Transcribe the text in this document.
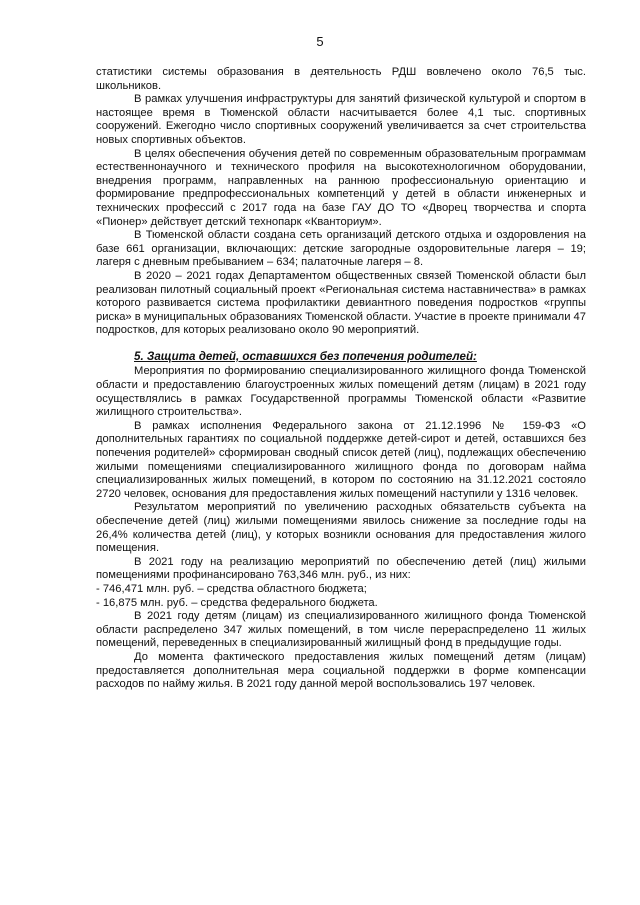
5

статистики системы образования в деятельность РДШ вовлечено около 76,5 тыс. школьников.

В рамках улучшения инфраструктуры для занятий физической культурой и спортом в настоящее время в Тюменской области насчитывается более 4,1 тыс. спортивных сооружений. Ежегодно число спортивных сооружений увеличивается за счет строительства новых спортивных объектов.

В целях обеспечения обучения детей по современным образовательным программам естественнонаучного и технического профиля на высокотехнологичном оборудовании, внедрения программ, направленных на раннюю профессиональную ориентацию и формирование предпрофессиональных компетенций у детей в области инженерных и технических профессий с 2017 года на базе ГАУ ДО ТО «Дворец творчества и спорта «Пионер» действует детский технопарк «Кванториум».

В Тюменской области создана сеть организаций детского отдыха и оздоровления на базе 661 организации, включающих: детские загородные оздоровительные лагеря – 19; лагеря с дневным пребыванием – 634; палаточные лагеря – 8.

В 2020 – 2021 годах Департаментом общественных связей Тюменской области был реализован пилотный социальный проект «Региональная система наставничества» в рамках которого развивается система профилактики девиантного поведения подростков «группы риска» в муниципальных образованиях Тюменской области. Участие в проекте принимали 47 подростков, для которых реализовано около 90 мероприятий.

5. Защита детей, оставшихся без попечения родителей:

Мероприятия по формированию специализированного жилищного фонда Тюменской области и предоставлению благоустроенных жилых помещений детям (лицам) в 2021 году осуществлялись в рамках Государственной программы Тюменской области «Развитие жилищного строительства».

В рамках исполнения Федерального закона от 21.12.1996 № 159-ФЗ «О дополнительных гарантиях по социальной поддержке детей-сирот и детей, оставшихся без попечения родителей» сформирован сводный список детей (лиц), подлежащих обеспечению жилыми помещениями специализированного жилищного фонда по договорам найма специализированных жилых помещений, в котором по состоянию на 31.12.2021 состояло 2720 человек, основания для предоставления жилых помещений наступили у 1316 человек.

Результатом мероприятий по увеличению расходных обязательств субъекта на обеспечение детей (лиц) жилыми помещениями явилось снижение за последние годы на 26,4% количества детей (лиц), у которых возникли основания для предоставления жилого помещения.

В 2021 году на реализацию мероприятий по обеспечению детей (лиц) жилыми помещениями профинансировано 763,346 млн. руб., из них:

- 746,471 млн. руб. – средства областного бюджета;

- 16,875 млн. руб. – средства федерального бюджета.

В 2021 году детям (лицам) из специализированного жилищного фонда Тюменской области распределено 347 жилых помещений, в том числе перераспределено 11 жилых помещений, переведенных в специализированный жилищный фонд в предыдущие годы.

До момента фактического предоставления жилых помещений детям (лицам) предоставляется дополнительная мера социальной поддержки в форме компенсации расходов по найму жилья. В 2021 году данной мерой воспользовались 197 человек.
